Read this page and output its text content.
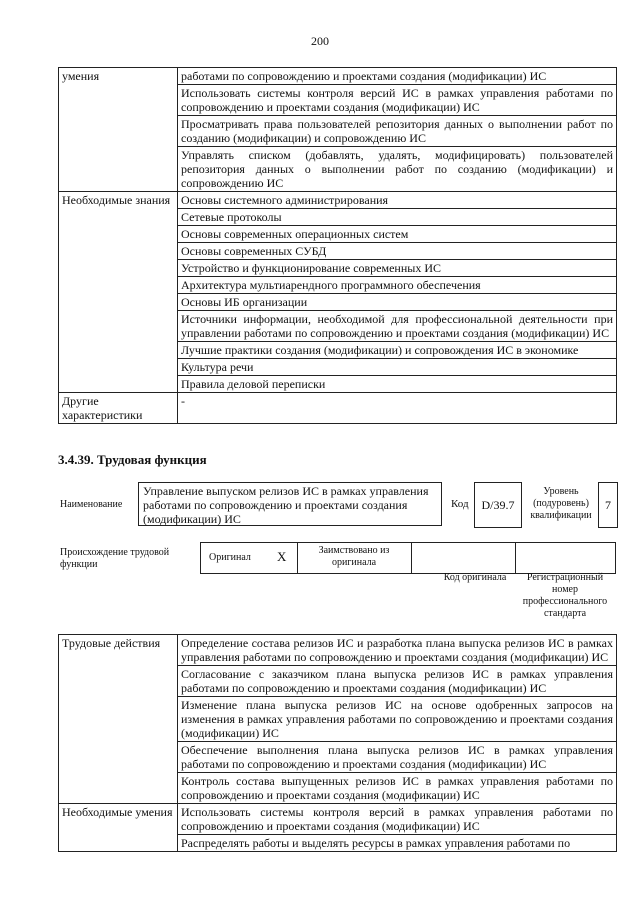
200
умения	работами по сопровождению и проектами создания (модификации) ИС
	Использовать системы контроля версий ИС в рамках управления работами по сопровождению и проектами создания (модификации) ИС
	Просматривать права пользователей репозитория данных о выполнении работ по созданию (модификации) и сопровождению ИС
	Управлять списком (добавлять, удалять, модифицировать) пользователей репозитория данных о выполнении работ по созданию (модификации) и сопровождению ИС
Необходимые знания	Основы системного администрирования
	Сетевые протоколы
	Основы современных операционных систем
	Основы современных СУБД
	Устройство и функционирование современных ИС
	Архитектура мультиарендного программного обеспечения
	Основы ИБ организации
	Источники информации, необходимой для профессиональной деятельности при управлении работами по сопровождению и проектами создания (модификации) ИС
	Лучшие практики создания (модификации) и сопровождения ИС в экономике
	Культура речи
	Правила деловой переписки
Другие характеристики	-
3.4.39. Трудовая функция
Наименование
Управление выпуском релизов ИС в рамках управления работами по сопровождению и проектами создания (модификации) ИС
Код D/39.7
Уровень (подуровень) квалификации
7
Происхождение трудовой функции
Оригинал X	Заимствовано из оригинала
Код оригинала	Регистрационный номер профессионального стандарта
Трудовые действия	Определение состава релизов ИС и разработка плана выпуска релизов ИС в рамках управления работами по сопровождению и проектами создания (модификации) ИС
	Согласование с заказчиком плана выпуска релизов ИС в рамках управления работами по сопровождению и проектами создания (модификации) ИС
	Изменение плана выпуска релизов ИС на основе одобренных запросов на изменения в рамках управления работами по сопровождению и проектами создания (модификации) ИС
	Обеспечение выполнения плана выпуска релизов ИС в рамках управления работами по сопровождению и проектами создания (модификации) ИС
	Контроль состава выпущенных релизов ИС в рамках управления работами по сопровождению и проектами создания (модификации) ИС
Необходимые умения	Использовать системы контроля версий в рамках управления работами по сопровождению и проектами создания (модификации) ИС
	Распределять работы и выделять ресурсы в рамках управления работами по
